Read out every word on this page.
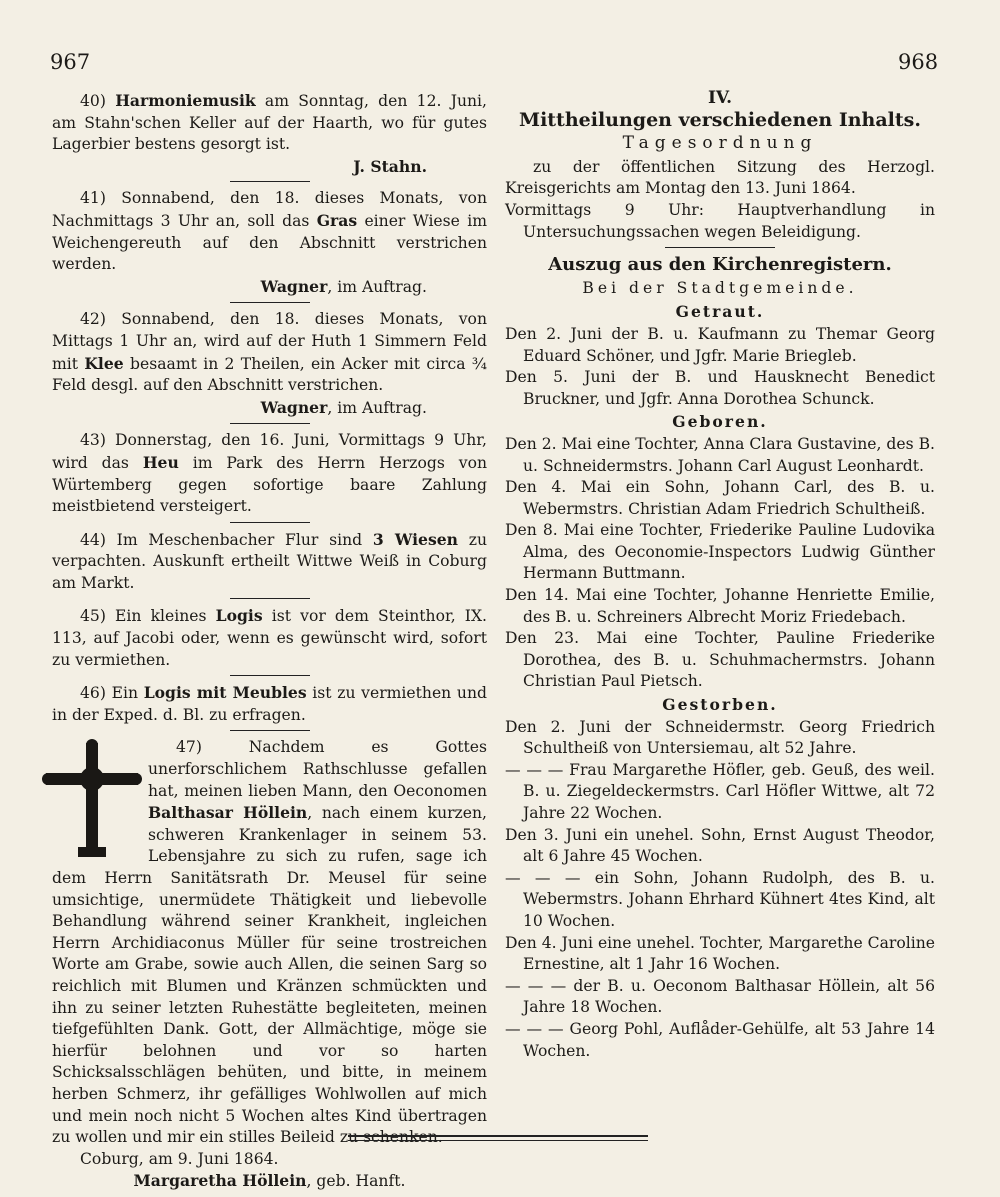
967	968

40) Harmoniemusik am Sonntag, den 12. Juni, am Stahn'schen Keller auf der Haarth, wo für gutes Lagerbier bestens gesorgt ist.

J. Stahn.

41) Sonnabend, den 18. dieses Monats, von Nachmittags 3 Uhr an, soll das Gras einer Wiese im Weichengereuth auf den Abschnitt verstrichen werden.

Wagner, im Auftrag.

42) Sonnabend, den 18. dieses Monats, von Mittags 1 Uhr an, wird auf der Huth 1 Simmern Feld mit Klee besaamt in 2 Theilen, ein Acker mit circa ¾ Feld desgl. auf den Abschnitt verstrichen.

Wagner, im Auftrag.

43) Donnerstag, den 16. Juni, Vormittags 9 Uhr, wird das Heu im Park des Herrn Herzogs von Würtemberg gegen sofortige baare Zahlung meistbietend versteigert.

44) Im Meschenbacher Flur sind 3 Wiesen zu verpachten. Auskunft ertheilt Wittwe Weiß in Coburg am Markt.

45) Ein kleines Logis ist vor dem Steinthor, IX. 113, auf Jacobi oder, wenn es gewünscht wird, sofort zu vermiethen.

46) Ein Logis mit Meubles ist zu vermiethen und in der Exped. d. Bl. zu erfragen.

47) Nachdem es Gottes unerforschlichem Rathschlusse gefallen hat, meinen lieben Mann, den Oeconomen Balthasar Höllein, nach einem kurzen, schweren Krankenlager in seinem 53. Lebensjahre zu sich zu rufen, sage ich dem Herrn Sanitätsrath Dr. Meusel für seine umsichtige, unermüdete Thätigkeit und liebevolle Behandlung während seiner Krankheit, ingleichen Herrn Archidiaconus Müller für seine trostreichen Worte am Grabe, sowie auch Allen, die seinen Sarg so reichlich mit Blumen und Kränzen schmückten und ihn zu seiner letzten Ruhestätte begleiteten, meinen tiefgefühlten Dank. Gott, der Allmächtige, möge sie hierfür belohnen und vor so harten Schicksalsschlägen behüten, und bitte, in meinem herben Schmerz, ihr gefälliges Wohlwollen auf mich und mein noch nicht 5 Wochen altes Kind übertragen zu wollen und mir ein stilles Beileid zu schenken.

Coburg, am 9. Juni 1864.

Margaretha Höllein, geb. Hanft.

IV.
Mittheilungen verschiedenen Inhalts.
Tagesordnung

zu der öffentlichen Sitzung des Herzogl. Kreisgerichts am Montag den 13. Juni 1864.

Vormittags 9 Uhr: Hauptverhandlung in Untersuchungssachen wegen Beleidigung.

Auszug aus den Kirchenregistern.
Bei der Stadtgemeinde.
Getraut.

Den 2. Juni der B. u. Kaufmann zu Themar Georg Eduard Schöner, und Jgfr. Marie Briegleb.

Den 5. Juni der B. und Hausknecht Benedict Bruckner, und Jgfr. Anna Dorothea Schunck.

Geboren.

Den 2. Mai eine Tochter, Anna Clara Gustavine, des B. u. Schneidermstrs. Johann Carl August Leonhardt.

Den 4. Mai ein Sohn, Johann Carl, des B. u. Webermstrs. Christian Adam Friedrich Schultheiß.

Den 8. Mai eine Tochter, Friederike Pauline Ludovika Alma, des Oeconomie-Inspectors Ludwig Günther Hermann Buttmann.

Den 14. Mai eine Tochter, Johanne Henriette Emilie, des B. u. Schreiners Albrecht Moriz Friedebach.

Den 23. Mai eine Tochter, Pauline Friederike Dorothea, des B. u. Schuhmachermstrs. Johann Christian Paul Pietsch.

Gestorben.

Den 2. Juni der Schneidermstr. Georg Friedrich Schultheiß von Untersiemau, alt 52 Jahre.

— — — Frau Margarethe Höfler, geb. Geuß, des weil. B. u. Ziegeldeckermstrs. Carl Höfler Wittwe, alt 72 Jahre 22 Wochen.

Den 3. Juni ein unehel. Sohn, Ernst August Theodor, alt 6 Jahre 45 Wochen.

— — — ein Sohn, Johann Rudolph, des B. u. Webermstrs. Johann Ehrhard Kühnert 4tes Kind, alt 10 Wochen.

Den 4. Juni eine unehel. Tochter, Margarethe Caroline Ernestine, alt 1 Jahr 16 Wochen.

— — — der B. u. Oeconom Balthasar Höllein, alt 56 Jahre 18 Wochen.

— — — Georg Pohl, Auflåder-Gehülfe, alt 53 Jahre 14 Wochen.
